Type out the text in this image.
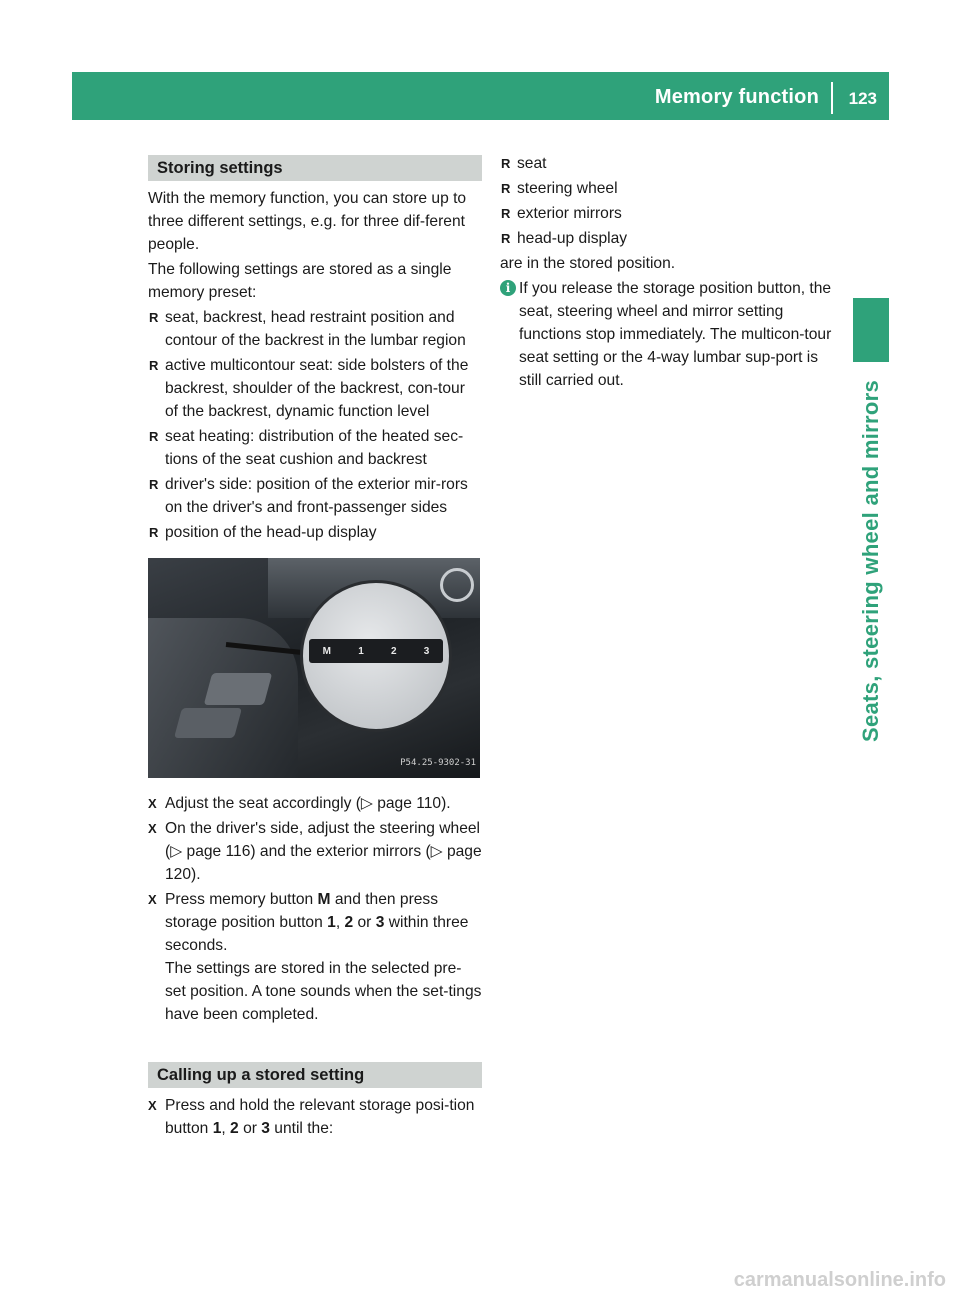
Memory function 123
Seats, steering wheel and mirrors
Storing settings

With the memory function, you can store up to three different settings, e.g. for three dif-ferent people.

The following settings are stored as a single memory preset:

R seat, backrest, head restraint position and contour of the backrest in the lumbar region
R active multicontour seat: side bolsters of the backrest, shoulder of the backrest, con-tour of the backrest, dynamic function level
R seat heating: distribution of the heated sec-tions of the seat cushion and backrest
R driver's side: position of the exterior mir-rors on the driver's and front-passenger sides
R position of the head-up display
M	1	2	3
P54.25-9302-31
X Adjust the seat accordingly (▷ page 110).
X On the driver's side, adjust the steering wheel (▷ page 116) and the exterior mirrors (▷ page 120).
X Press memory button M and then press storage position button 1, 2 or 3 within three seconds.
The settings are stored in the selected pre-set position. A tone sounds when the set-tings have been completed.
Calling up a stored setting
X Press and hold the relevant storage posi-tion button 1, 2 or 3 until the:
R seat
R steering wheel
R exterior mirrors
R head-up display

are in the stored position.

i If you release the storage position button, the seat, steering wheel and mirror setting functions stop immediately. The multicon-tour seat setting or the 4-way lumbar sup-port is still carried out.
carmanualsonline.info
